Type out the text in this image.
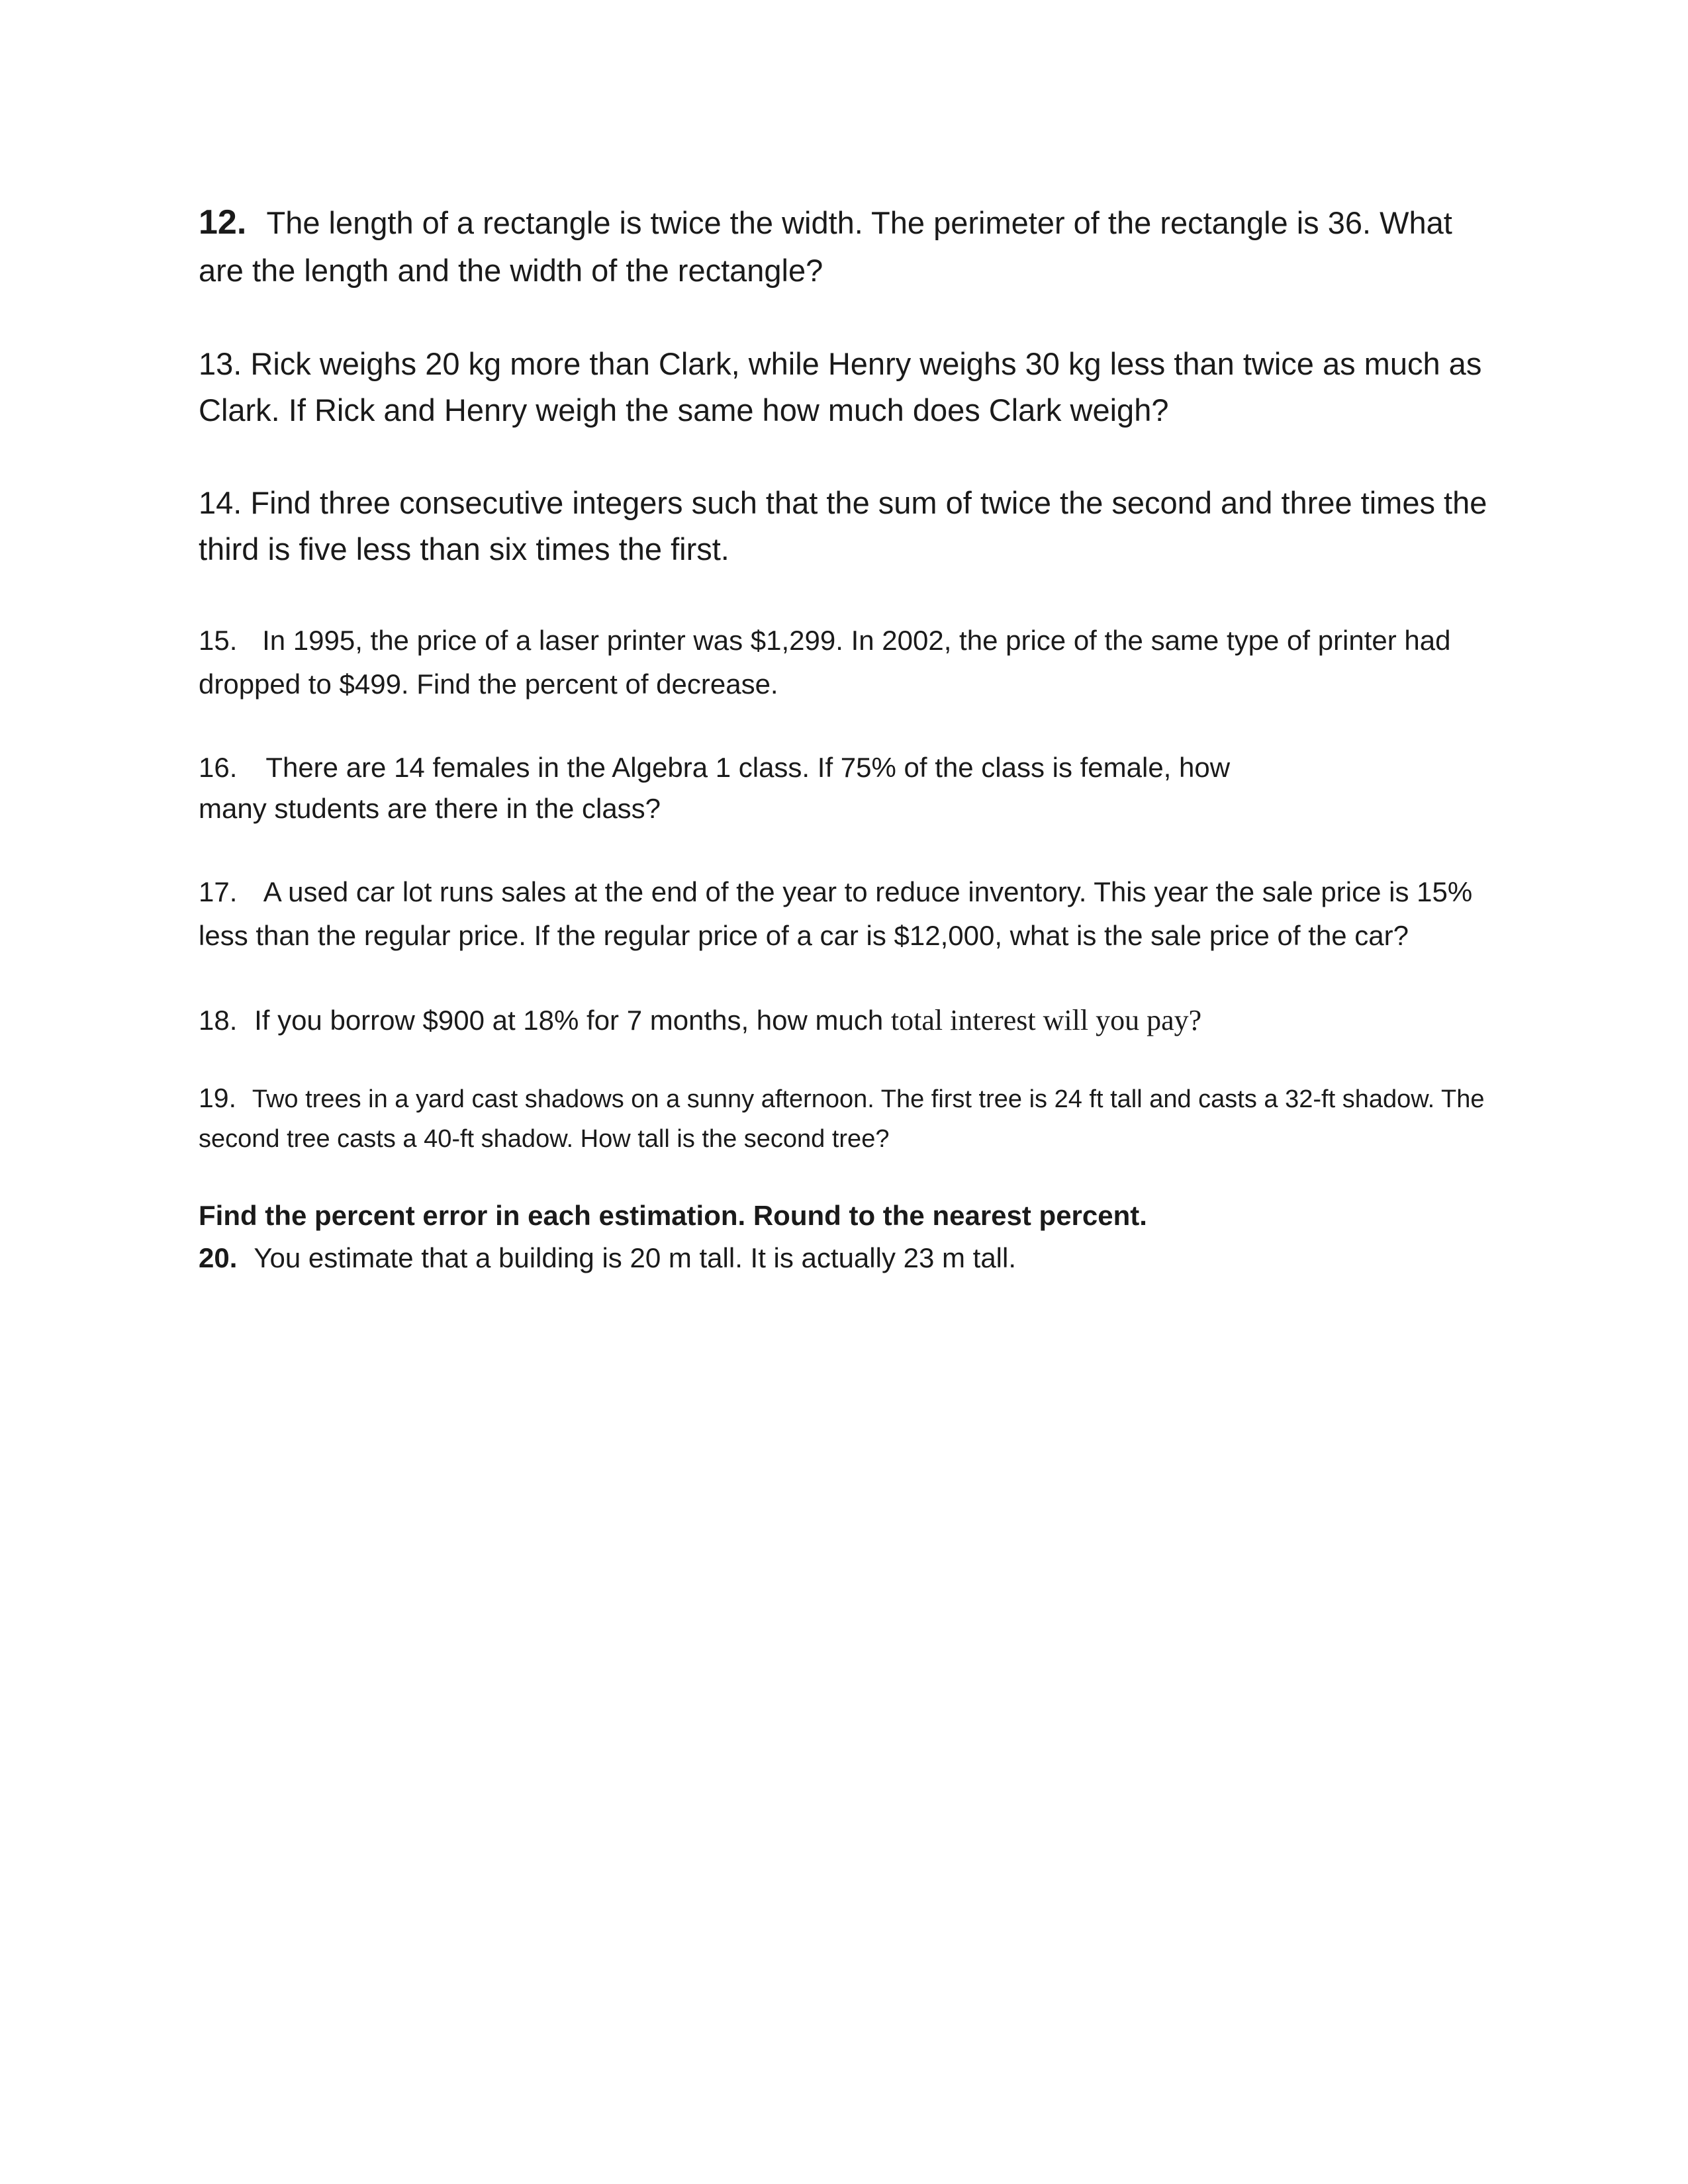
12. The length of a rectangle is twice the width. The perimeter of the rectangle is 36. What are the length and the width of the rectangle?

13. Rick weighs 20 kg more than Clark, while Henry weighs 30 kg less than twice as much as Clark. If Rick and Henry weigh the same how much does Clark weigh?

14. Find three consecutive integers such that the sum of twice the second and three times the third is five less than six times the first.

15. In 1995, the price of a laser printer was $1,299. In 2002, the price of the same type of printer had dropped to $499. Find the percent of decrease.

16. There are 14 females in the Algebra 1 class. If 75% of the class is female, how
many students are there in the class?

17. A used car lot runs sales at the end of the year to reduce inventory. This year the sale price is 15% less than the regular price. If the regular price of a car is $12,000, what is the sale price of the car?

18. If you borrow $900 at 18% for 7 months, how much total interest will you pay?

19. Two trees in a yard cast shadows on a sunny afternoon. The first tree is 24 ft tall and casts a 32-ft shadow. The second tree casts a 40-ft shadow. How tall is the second tree?

Find the percent error in each estimation. Round to the nearest percent.

20. You estimate that a building is 20 m tall. It is actually 23 m tall.
